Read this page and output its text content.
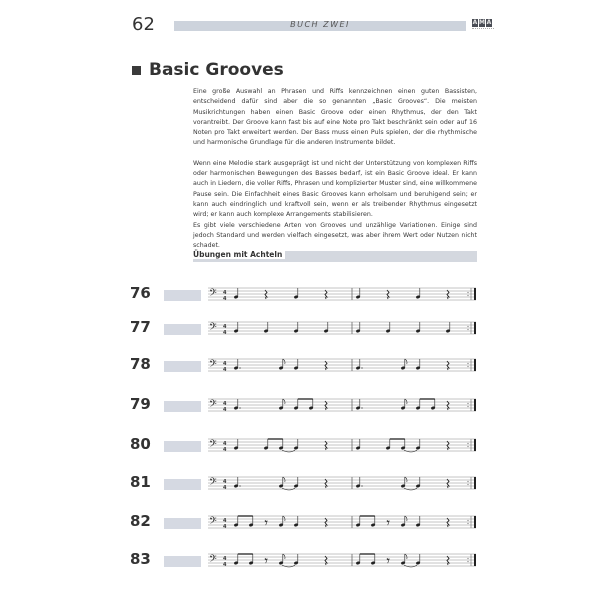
62	BUCH ZWEI	A M A
Basic Grooves

Eine große Auswahl an Phrasen und Riffs kennzeichnen einen guten Bassisten, entscheidend dafür sind aber die so genannten „Basic Grooves“. Die meisten Musikrichtungen haben einen Basic Groove oder einen Rhythmus, der den Takt vorantreibt. Der Groove kann fast bis auf eine Note pro Takt beschränkt sein oder auf 16 Noten pro Takt erweitert werden. Der Bass muss einen Puls spielen, der die rhythmische und harmonische Grundlage für die anderen Instrumente bildet.

Wenn eine Melodie stark ausgeprägt ist und nicht der Unterstützung von komplexen Riffs oder harmonischen Bewegungen des Basses bedarf, ist ein Basic Groove ideal. Er kann auch in Liedern, die voller Riffs, Phrasen und komplizierter Muster sind, eine willkommene Pause sein. Die Einfachheit eines Basic Grooves kann erholsam und beruhigend sein; er kann auch eindringlich und kraftvoll sein, wenn er als treibender Rhythmus eingesetzt wird; er kann auch komplexe Arrangements stabilisieren.

Es gibt viele verschiedene Arten von Grooves und unzählige Variationen. Einige sind jedoch Standard und werden vielfach eingesetzt, was aber ihrem Wert oder Nutzen nicht schadet.

Übungen mit Achteln
76	𝄢 4
4
77	𝄢 4
4
78	𝄢 4
4
79	𝄢 4
4
80	𝄢 4
4
81	𝄢 4
4
82	𝄢 4
4
83	𝄢 4
4
